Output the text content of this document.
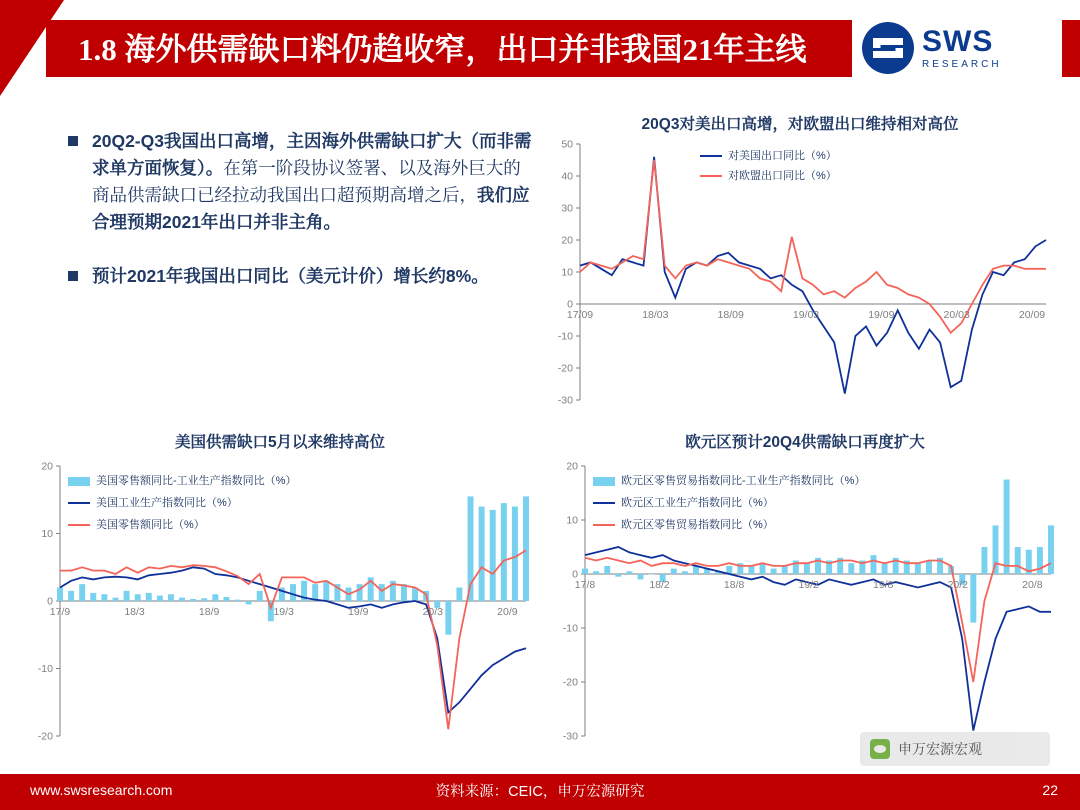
1.8 海外供需缺口料仍趋收窄，出口并非我国21年主线	SWS
RESEARCH
20Q2-Q3我国出口高增，主因海外供需缺口扩大（而非需求单方面恢复）。在第一阶段协议签署、以及海外巨大的商品供需缺口已经拉动我国出口超预期高增之后，我们应合理预期2021年出口并非主角。
预计2021年我国出口同比（美元计价）增长约8%。
20Q3对美出口高增，对欧盟出口维持相对高位
-30
-20
-10
0
10
20
30
40
50
17/09	18/03	18/09	19/03	19/09	20/03	20/09
对美国出口同比（%）
对欧盟出口同比（%）
美国供需缺口5月以来维持高位
-20
-10
0
10
20
17/9	18/3	18/9	19/3	19/9	20/3	20/9
美国零售额同比-工业生产指数同比（%）
美国工业生产指数同比（%）
美国零售额同比（%）
欧元区预计20Q4供需缺口再度扩大
-30
-20
-10
0
10
20
17/8	18/2	18/8	19/2	19/8	20/2	20/8
欧元区零售贸易指数同比-工业生产指数同比（%）
欧元区工业生产指数同比（%）
欧元区零售贸易指数同比（%）
申万宏源宏观
资料来源：CEIC，申万宏源研究
www.swsresearch.com	22
